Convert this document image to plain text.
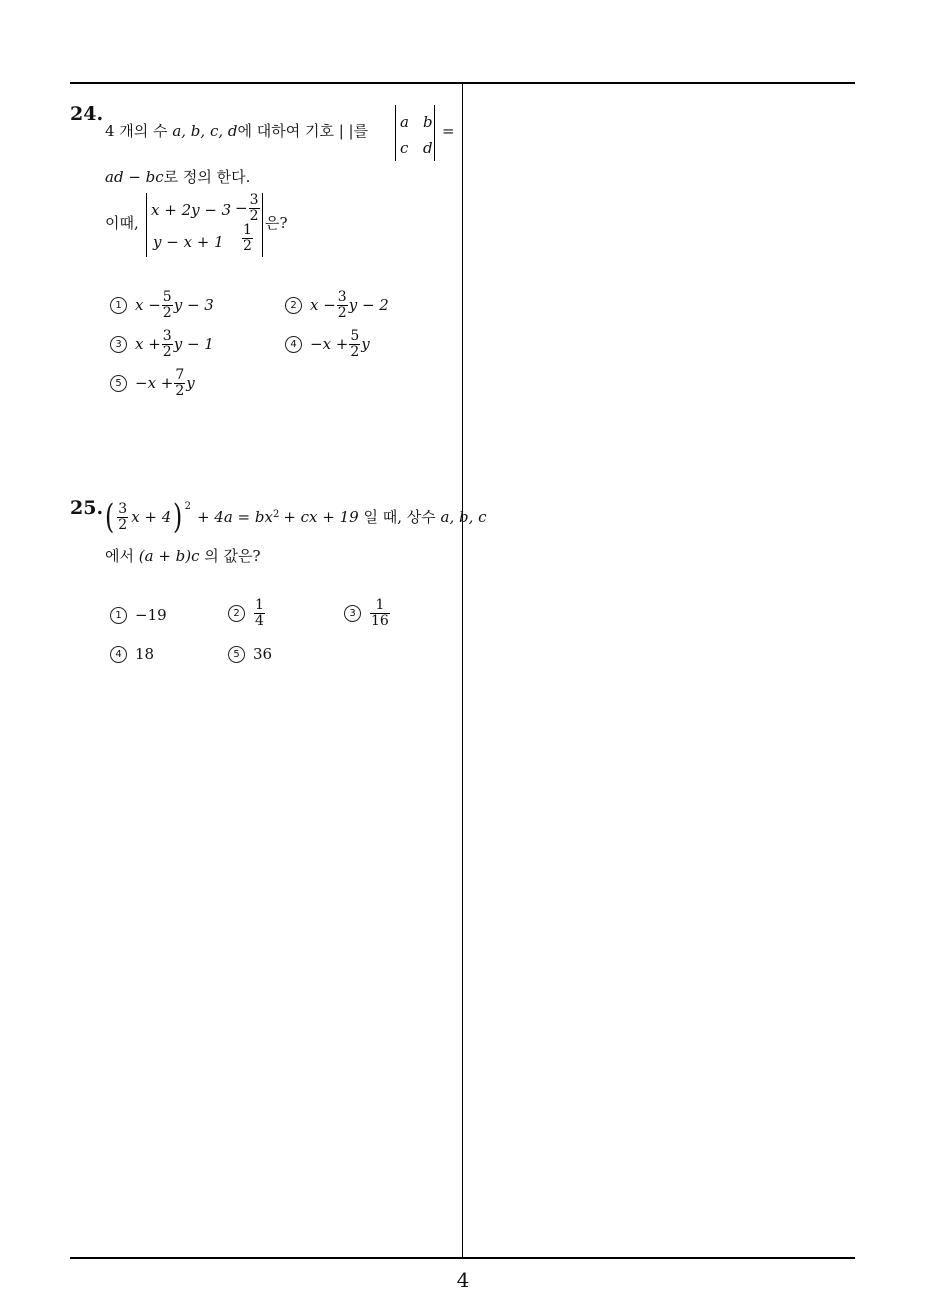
24.
4 개의 수 a, b, c, d에 대하여 기호 | |를 a b
c d
=
ad − bc로 정의 한다.
이때,
$x + 2y - 3 - \frac{3}{2}$
$y - x + 1 \frac{1}{2}$ 은?
1 $x - \frac{5}{2}$ y − 3	2 $x - \frac{3}{2}$ y − 2
3 $x + \frac{3}{2}$ y − 1	$4 -x + \frac{5}{2}$ y
$5 -x + \frac{7}{2}$ y
25. ( $\frac{3}{2}$ x + 4 )$^2$
+ 4a = bx 2 + cx + 19 일 때, 상수 a, b, c
에서 (a + b)c 의 값은?
1 −19	2	$\frac{1}{4}$	3	$\frac{1}{16}$
4 18	5 36
4
